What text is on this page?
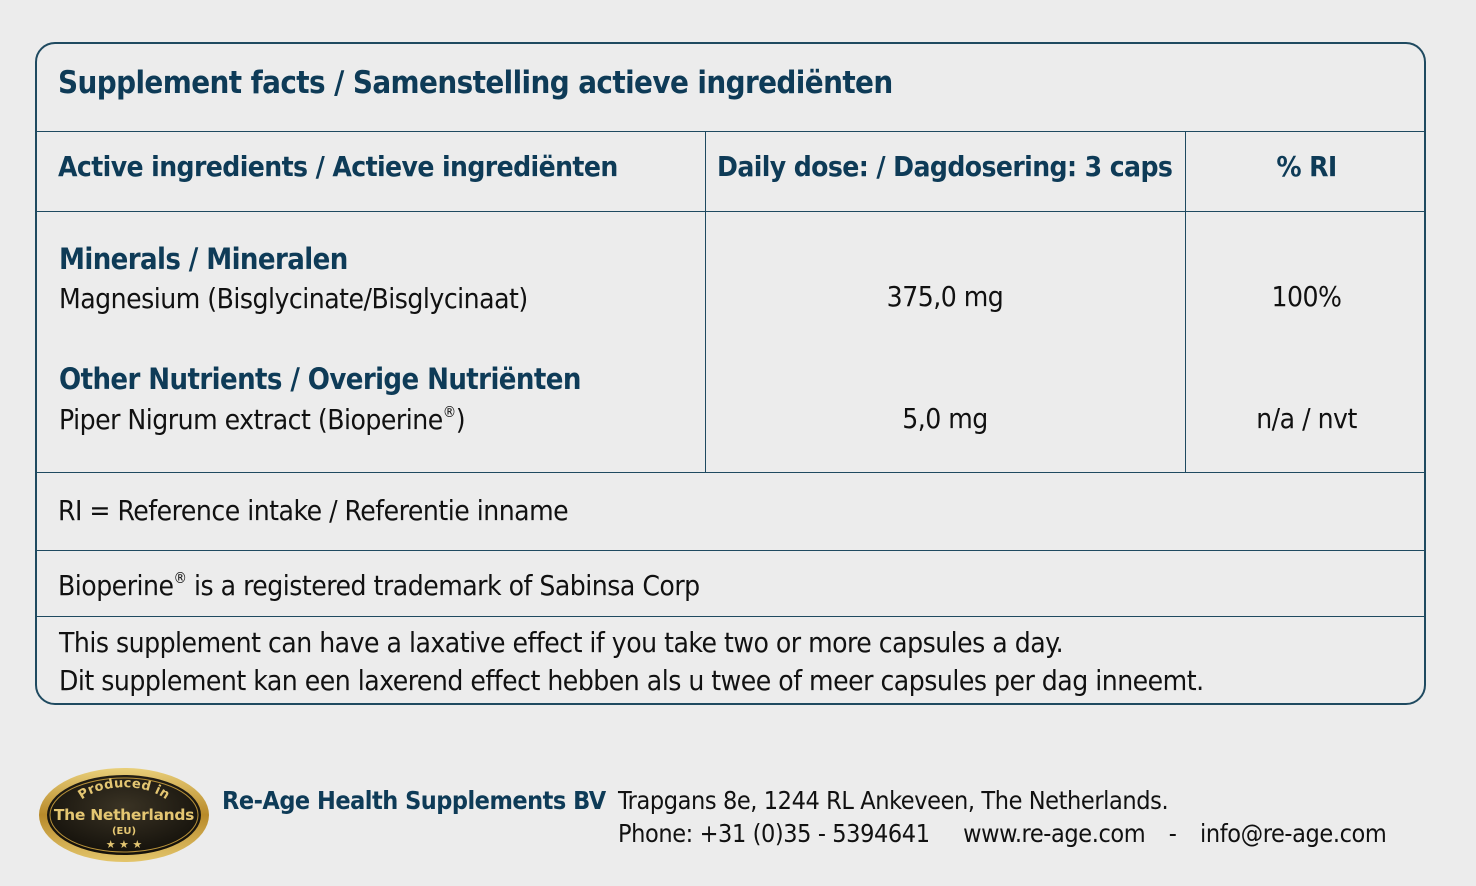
Supplement facts / Samenstelling actieve ingrediënten
Active ingredients / Actieve ingrediënten	Daily dose: / Dagdosering: 3 caps	% RI
Minerals / Mineralen
Magnesium (Bisglycinate/Bisglycinaat)	375,0 mg	100%
Other Nutrients / Overige Nutriënten
Piper Nigrum extract (Bioperine®)	5,0 mg	n/a / nvt
RI = Reference intake / Referentie inname
Bioperine® is a registered trademark of Sabinsa Corp
This supplement can have a laxative effect if you take two or more capsules a day.
Dit supplement kan een laxerend effect hebben als u twee of meer capsules per dag inneemt.
Produced in
The Netherlands
(EU)
★ ★ ★
Re-Age Health Supplements BV Trapgans 8e, 1244 RL Ankeveen, The Netherlands.
Phone: +31 (0)35 - 5394641 www.re-age.com - info@re-age.com
